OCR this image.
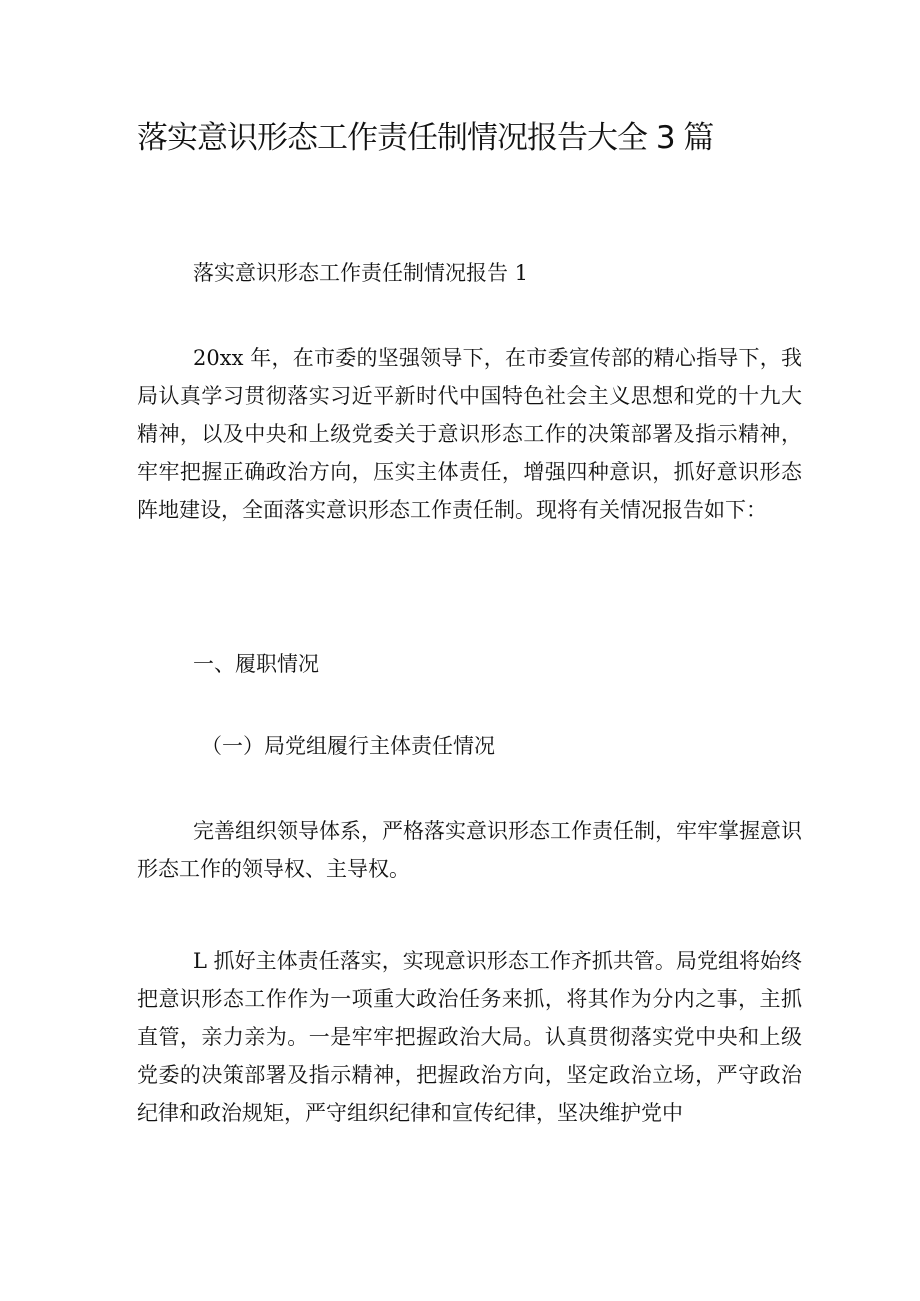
落实意识形态工作责任制情况报告大全 3 篇

落实意识形态工作责任制情况报告 1

20xx 年，在市委的坚强领导下，在市委宣传部的精心指导下，我局认真学习贯彻落实习近平新时代中国特色社会主义思想和党的十九大精神，以及中央和上级党委关于意识形态工作的决策部署及指示精神，牢牢把握正确政治方向，压实主体责任，增强四种意识，抓好意识形态阵地建设，全面落实意识形态工作责任制。现将有关情况报告如下：

一、履职情况

（一）局党组履行主体责任情况

完善组织领导体系，严格落实意识形态工作责任制，牢牢掌握意识形态工作的领导权、主导权。

L 抓好主体责任落实，实现意识形态工作齐抓共管。局党组将始终把意识形态工作作为一项重大政治任务来抓，将其作为分内之事，主抓直管，亲力亲为。一是牢牢把握政治大局。认真贯彻落实党中央和上级党委的决策部署及指示精神，把握政治方向，坚定政治立场，严守政治纪律和政治规矩，严守组织纪律和宣传纪律，坚决维护党中
